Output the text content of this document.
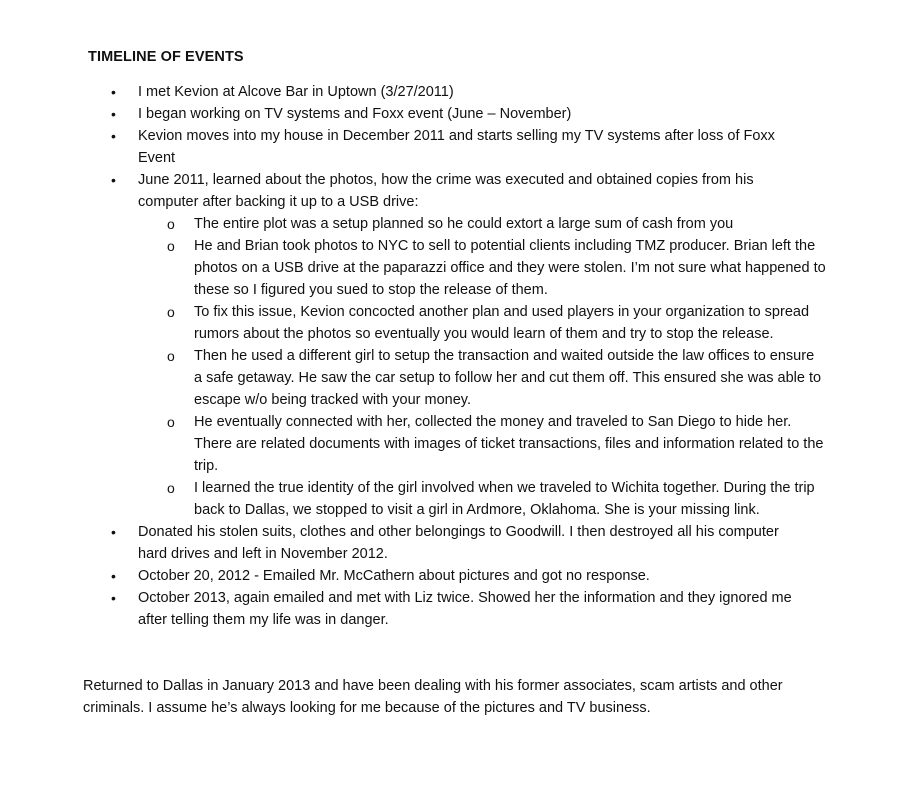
TIMELINE OF EVENTS
•	I met Kevion at Alcove Bar in Uptown (3/27/2011)
•	I began working on TV systems and Foxx event (June – November)
•	Kevion moves into my house in December 2011 and starts selling my TV systems after loss of Foxx Event
•	June 2011, learned about the photos, how the crime was executed and obtained copies from his computer after backing it up to a USB drive:
o The entire plot was a setup planned so he could extort a large sum of cash from you
o He and Brian took photos to NYC to sell to potential clients including TMZ producer. Brian left the photos on a USB drive at the paparazzi office and they were stolen. I’m not sure what happened to these so I figured you sued to stop the release of them.
o To fix this issue, Kevion concocted another plan and used players in your organization to spread rumors about the photos so eventually you would learn of them and try to stop the release.
o Then he used a different girl to setup the transaction and waited outside the law offices to ensure a safe getaway. He saw the car setup to follow her and cut them off. This ensured she was able to escape w/o being tracked with your money.
o He eventually connected with her, collected the money and traveled to San Diego to hide her. There are related documents with images of ticket transactions, files and information related to the trip.
o I learned the true identity of the girl involved when we traveled to Wichita together. During the trip back to Dallas, we stopped to visit a girl in Ardmore, Oklahoma. She is your missing link.
•	Donated his stolen suits, clothes and other belongings to Goodwill. I then destroyed all his computer hard drives and left in November 2012.
•	October 20, 2012 - Emailed Mr. McCathern about pictures and got no response.
•	October 2013, again emailed and met with Liz twice. Showed her the information and they ignored me after telling them my life was in danger.
Returned to Dallas in January 2013 and have been dealing with his former associates, scam artists and other criminals. I assume he’s always looking for me because of the pictures and TV business.
